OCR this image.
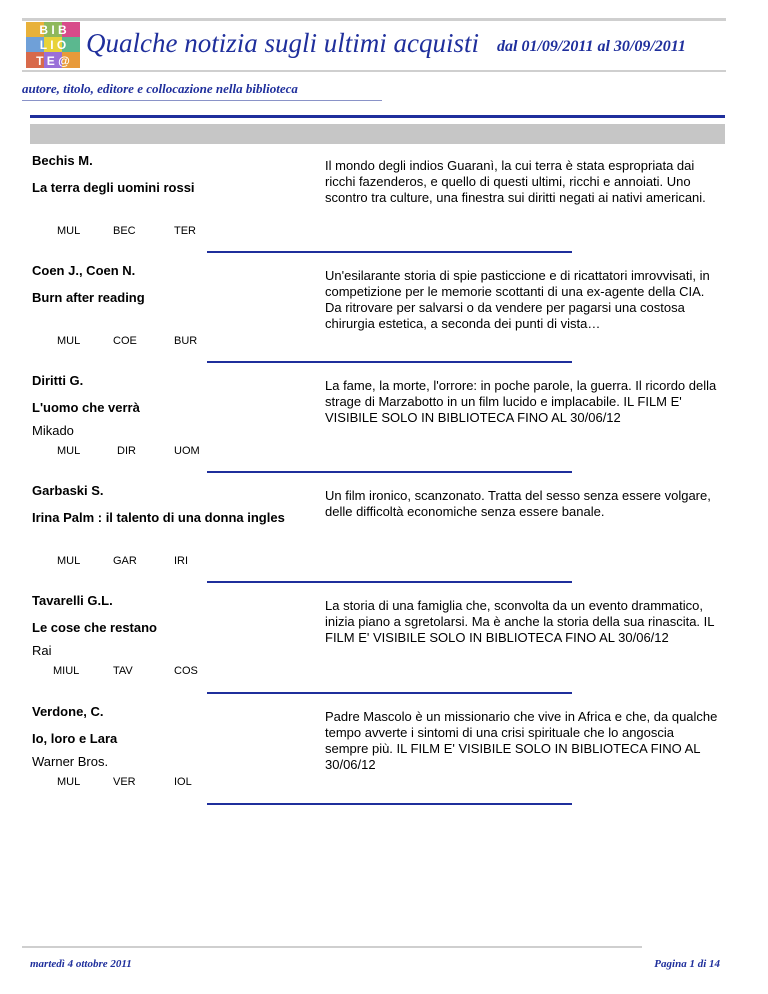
B I B
L I O
T E @
Qualche notizia sugli ultimi acquisti dal 01/09/2011 al 30/09/2011
autore, titolo, editore e collocazione nella biblioteca
Bechis M.
La terra degli uomini rossi
MUL	BEC	TER
Il mondo degli indios Guaranì, la cui terra è stata espropriata dai ricchi fazenderos, e quello di questi ultimi, ricchi e annoiati. Uno scontro tra culture, una finestra sui diritti negati ai nativi americani.
Coen J., Coen N.
Burn after reading
MUL	COE	BUR
Un'esilarante storia di spie pasticcione e di ricattatori imrovvisati, in competizione per le memorie scottanti di una ex-agente della CIA. Da ritrovare per salvarsi o da vendere per pagarsi una costosa chirurgia estetica, a seconda dei punti di vista…
Diritti G.
L'uomo che verrà
Mikado
MUL	DIR	UOM
La fame, la morte, l'orrore: in poche parole, la guerra. Il ricordo della strage di Marzabotto in un film lucido e implacabile. IL FILM E' VISIBILE SOLO IN BIBLIOTECA FINO AL 30/06/12
Garbaski S.
Irina Palm : il talento di una donna ingles
MUL	GAR	IRI
Un film ironico, scanzonato. Tratta del sesso senza essere volgare, delle difficoltà economiche senza essere banale.
Tavarelli G.L.
Le cose che restano
Rai
MIUL	TAV	COS
La storia di una famiglia che, sconvolta da un evento drammatico, inizia piano a sgretolarsi. Ma è anche la storia della sua rinascita. IL FILM E' VISIBILE SOLO IN BIBLIOTECA FINO AL 30/06/12
Verdone, C.
Io, loro e Lara
Warner Bros.
MUL	VER	IOL
Padre Mascolo è un missionario che vive in Africa e che, da qualche tempo avverte i sintomi di una crisi spirituale che lo angoscia sempre più. IL FILM E' VISIBILE SOLO IN BIBLIOTECA FINO AL 30/06/12
martedì 4 ottobre 2011	Pagina 1 di 14
